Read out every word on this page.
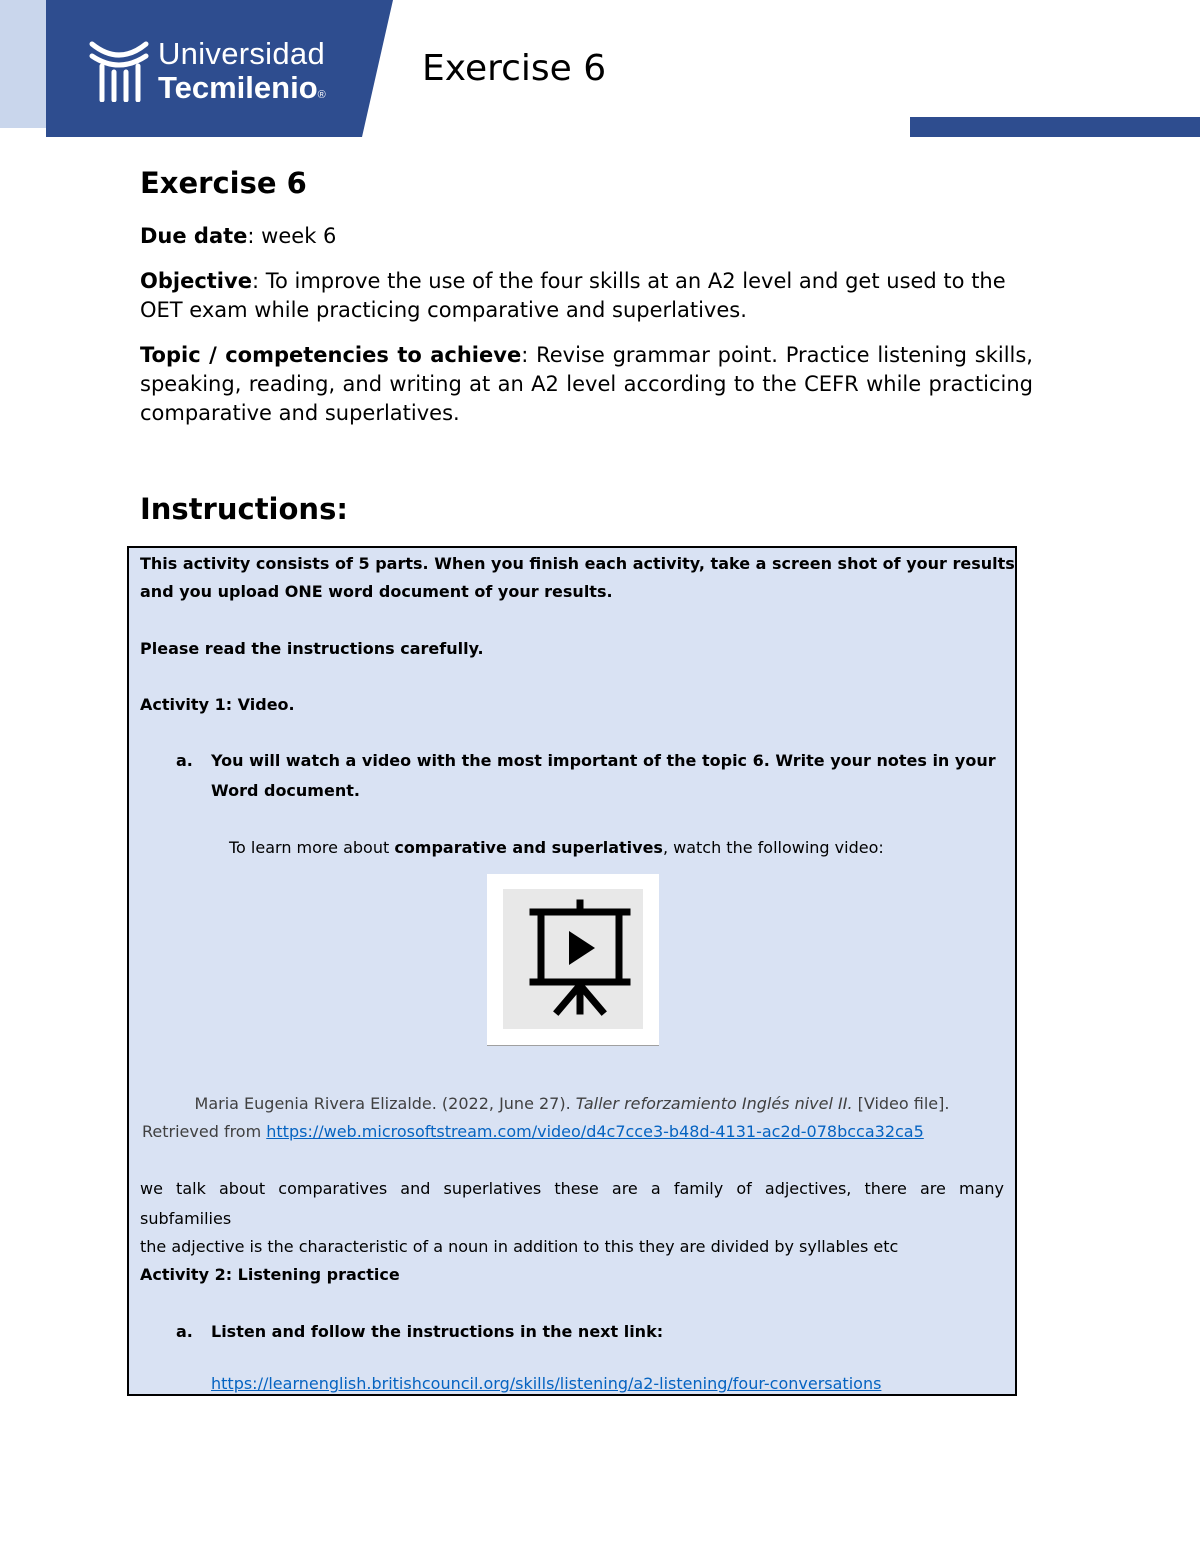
Universidad
Tecmilenio®
Exercise 6
Exercise 6
Due date: week 6
Objective: To improve the use of the four skills at an A2 level and get used to the OET exam while practicing comparative and superlatives.
Topic / competencies to achieve: Revise grammar point. Practice listening skills, speaking, reading, and writing at an A2 level according to the CEFR while practicing comparative and superlatives.
Instructions:
This activity consists of 5 parts. When you finish each activity, take a screen shot of your results
and you upload ONE word document of your results.
Please read the instructions carefully.
Activity 1: Video.
a. You will watch a video with the most important of the topic 6. Write your notes in your
Word document.
To learn more about comparative and superlatives, watch the following video:
Maria Eugenia Rivera Elizalde. (2022, June 27). Taller reforzamiento Inglés nivel II. [Video file].
Retrieved from https://web.microsoftstream.com/video/d4c7cce3-b48d-4131-ac2d-078bcca32ca5
we talk about comparatives and superlatives these are a family of adjectives, there are many
subfamilies
the adjective is the characteristic of a noun in addition to this they are divided by syllables etc
Activity 2: Listening practice
a. Listen and follow the instructions in the next link:
https://learnenglish.britishcouncil.org/skills/listening/a2-listening/four-conversations
